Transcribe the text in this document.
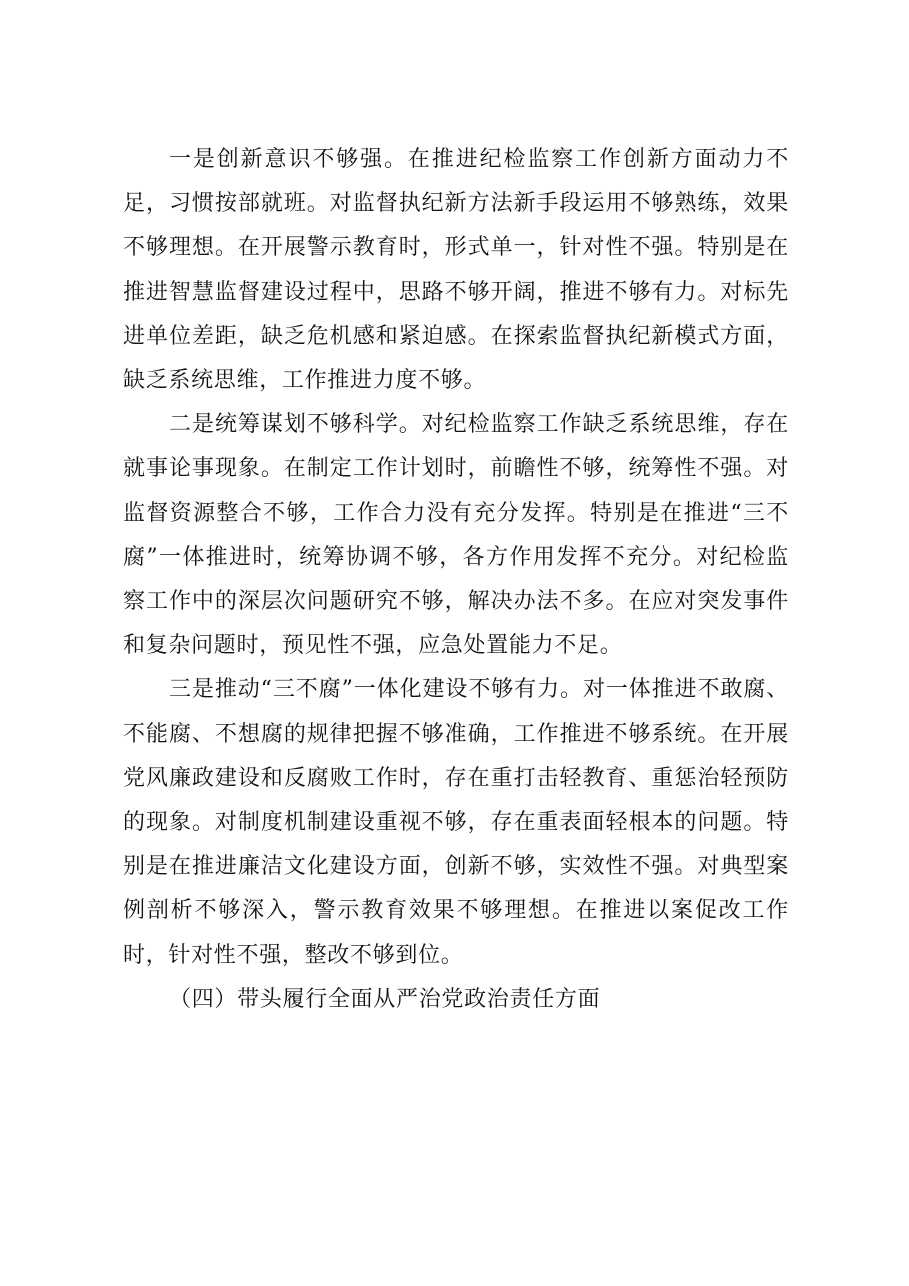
一是创新意识不够强。在推进纪检监察工作创新方面动力不足，习惯按部就班。对监督执纪新方法新手段运用不够熟练，效果不够理想。在开展警示教育时，形式单一，针对性不强。特别是在推进智慧监督建设过程中，思路不够开阔，推进不够有力。对标先进单位差距，缺乏危机感和紧迫感。在探索监督执纪新模式方面，缺乏系统思维，工作推进力度不够。

二是统筹谋划不够科学。对纪检监察工作缺乏系统思维，存在就事论事现象。在制定工作计划时，前瞻性不够，统筹性不强。对监督资源整合不够，工作合力没有充分发挥。特别是在推进“三不腐”一体推进时，统筹协调不够，各方作用发挥不充分。对纪检监察工作中的深层次问题研究不够，解决办法不多。在应对突发事件和复杂问题时，预见性不强，应急处置能力不足。

三是推动“三不腐”一体化建设不够有力。对一体推进不敢腐、不能腐、不想腐的规律把握不够准确，工作推进不够系统。在开展党风廉政建设和反腐败工作时，存在重打击轻教育、重惩治轻预防的现象。对制度机制建设重视不够，存在重表面轻根本的问题。特别是在推进廉洁文化建设方面，创新不够，实效性不强。对典型案例剖析不够深入，警示教育效果不够理想。在推进以案促改工作时，针对性不强，整改不够到位。

（四）带头履行全面从严治党政治责任方面
